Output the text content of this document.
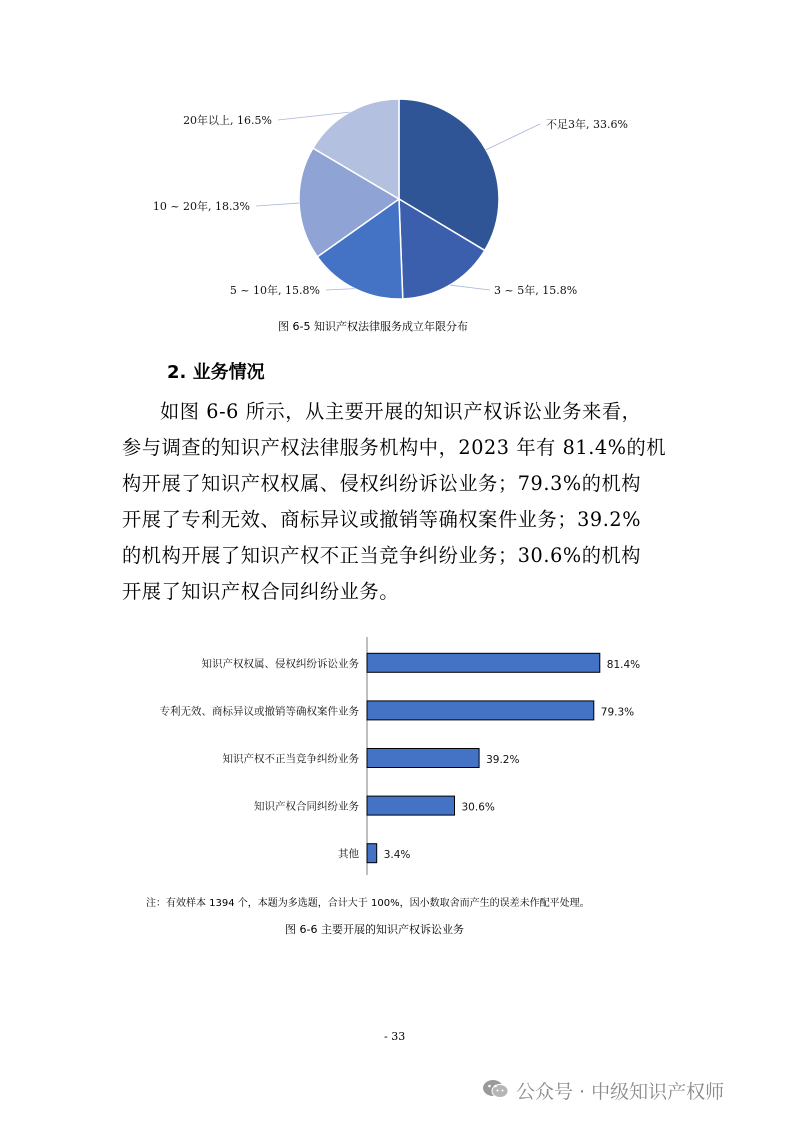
不足3年, 33.6%
3 ~ 5年, 15.8%
5 ~ 10年, 15.8%
10 ~ 20年, 18.3%
20年以上, 16.5%
图 6-5 知识产权法律服务成立年限分布
2. 业务情况
如图 6-6 所示，从主要开展的知识产权诉讼业务来看，
参与调查的知识产权法律服务机构中，2023 年有 81.4%的机
构开展了知识产权权属、侵权纠纷诉讼业务；79.3%的机构
开展了专利无效、商标异议或撤销等确权案件业务；39.2%
的机构开展了知识产权不正当竞争纠纷业务；30.6%的机构
开展了知识产权合同纠纷业务。
知识产权权属、侵权纠纷诉讼业务	81.4%
专利无效、商标异议或撤销等确权案件业务	79.3%
知识产权不正当竞争纠纷业务	39.2%
知识产权合同纠纷业务	30.6%
其他 3.4%
注：有效样本 1394 个，本题为多选题，合计大于 100%，因小数取舍而产生的误差未作配平处理。
图 6-6 主要开展的知识产权诉讼业务
- 33
公众号 · 中级知识产权师
